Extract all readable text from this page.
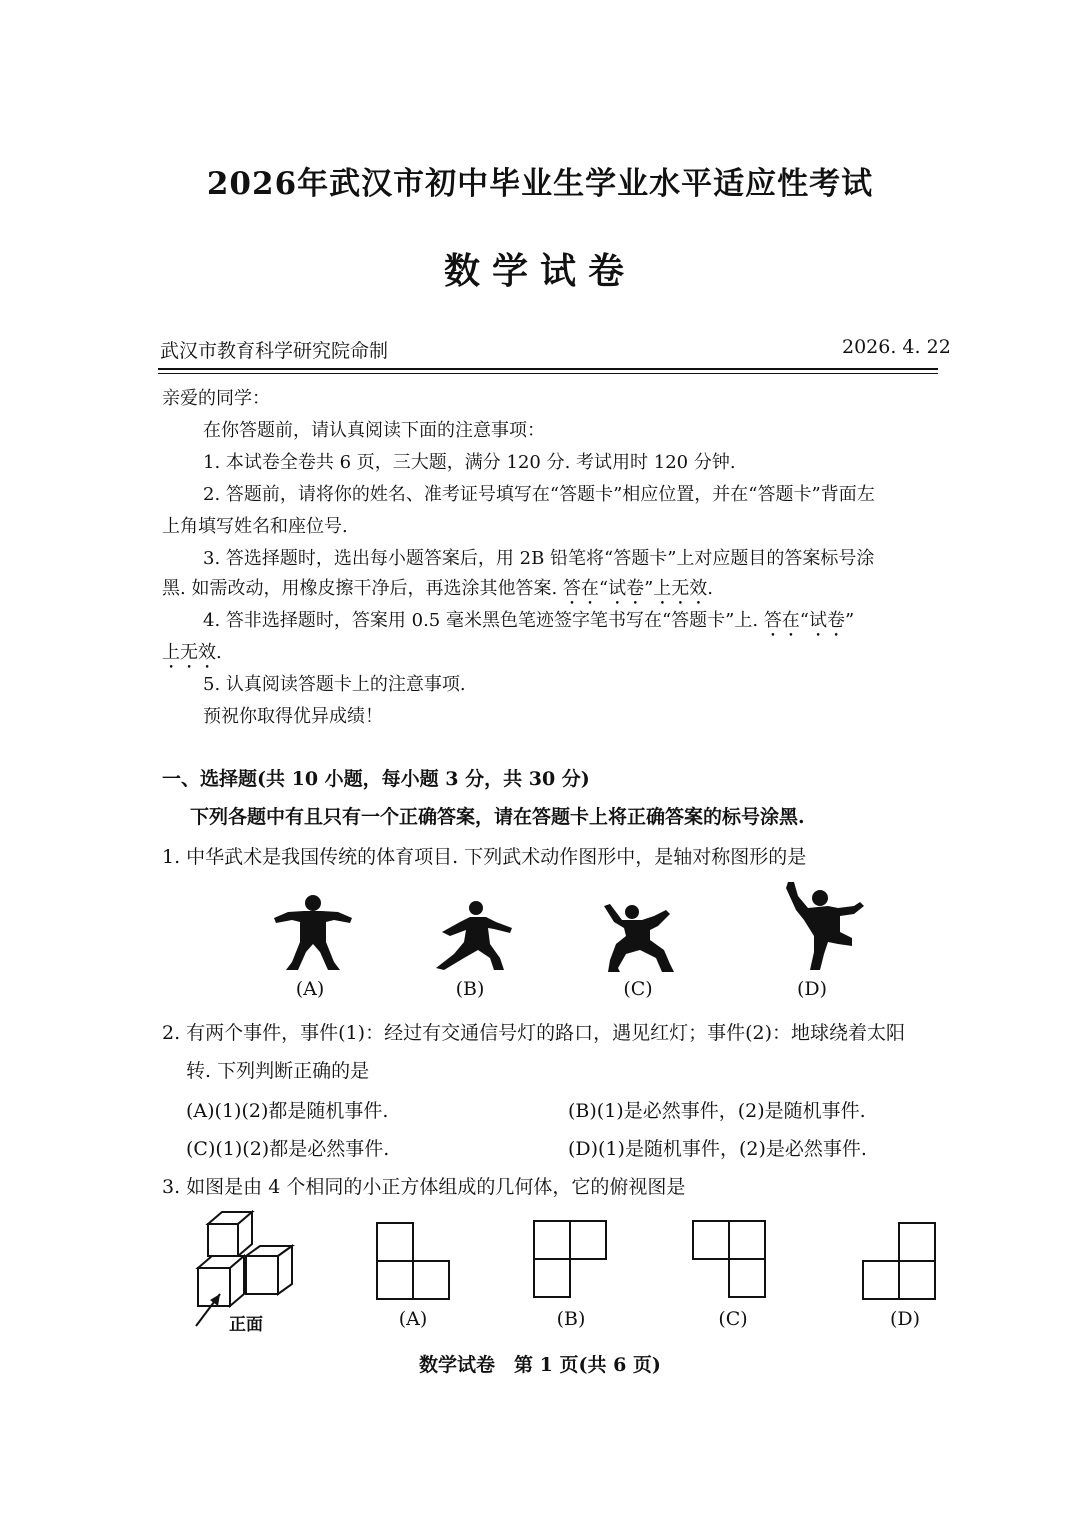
2026年武汉市初中毕业生学业水平适应性考试
数学试卷
武汉市教育科学研究院命制	2026. 4. 22
亲爱的同学：
在你答题前，请认真阅读下面的注意事项：
1. 本试卷全卷共 6 页，三大题，满分 120 分. 考试用时 120 分钟.
2. 答题前，请将你的姓名、准考证号填写在“答题卡”相应位置，并在“答题卡”背面左
上角填写姓名和座位号.
3. 答选择题时，选出每小题答案后，用 2B 铅笔将“答题卡”上对应题目的答案标号涂
黑. 如需改动，用橡皮擦干净后，再选涂其他答案. 答在“试卷”上无效.
4. 答非选择题时，答案用 0.5 毫米黑色笔迹签字笔书写在“答题卡”上. 答在“试卷”
上无效.
5. 认真阅读答题卡上的注意事项.
预祝你取得优异成绩！
一、选择题(共 10 小题，每小题 3 分，共 30 分)
下列各题中有且只有一个正确答案，请在答题卡上将正确答案的标号涂黑.
1. 中华武术是我国传统的体育项目. 下列武术动作图形中，是轴对称图形的是
(A)	(B)	(C)	(D)
2. 有两个事件，事件(1)：经过有交通信号灯的路口，遇见红灯；事件(2)：地球绕着太阳
转. 下列判断正确的是
(A)(1)(2)都是随机事件.	(B)(1)是必然事件，(2)是随机事件.
(C)(1)(2)都是必然事件.	(D)(1)是随机事件，(2)是必然事件.
3. 如图是由 4 个相同的小正方体组成的几何体，它的俯视图是
正面	(A)	(B)	(C)	(D)
数学试卷　第 1 页(共 6 页)
